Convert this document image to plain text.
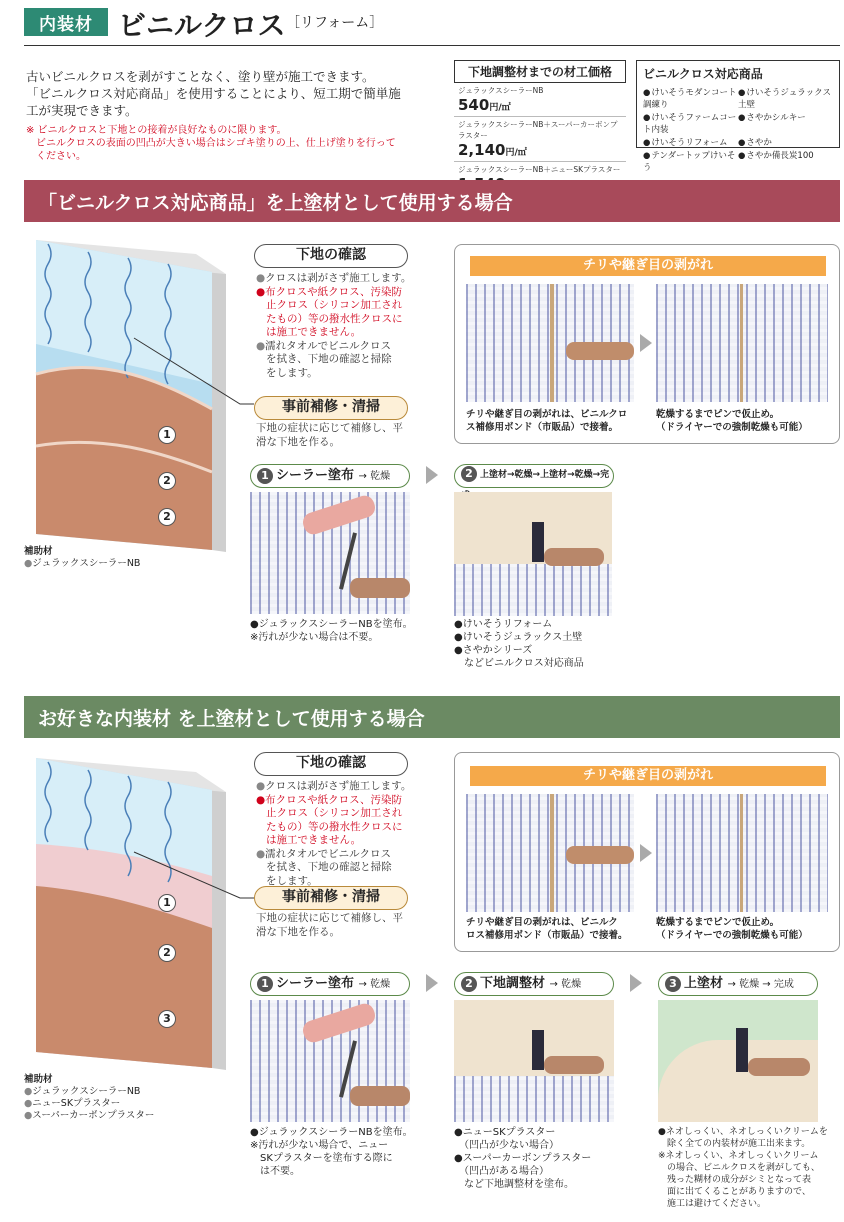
内装材 ビニルクロス ［リフォーム］
古いビニルクロスを剥がすことなく、塗り壁が施工できます。
「ビニルクロス対応商品」を使用することにより、短工期で簡単施
工が実現できます。
※ ビニルクロスと下地との接着が良好なものに限ります。
　ビニルクロスの表面の凹凸が大きい場合はシゴキ塗りの上、仕上げ塗りを行って
　ください。
下地調整材までの材工価格
ジュラックスシーラーNB
540円/㎡
ジュラックスシーラーNB＋スーパーカーボンプラスター
2,140円/㎡
ジュラックスシーラーNB＋ニューSKプラスター
ビニルクロス対応商品
● けいそうモダンコート調練り
● けいそうジュラックス土壁
● けいそうファームコート内装
● さやかシルキー
● けいそうリフォーム
●	さやか
● テンダートップけいそう
● さやか備長炭100
「ビニルクロス対応商品」を上塗材として使用する場合
1
2
2
補助材
● ジュラックスシーラーNB
下地の確認
● クロスは剥がさず施工します。
● 布クロスや紙クロス、汚染防
止クロス（シリコン加工され
たもの）等の撥水性クロスに
は施工できません。
● 濡れタオルでビニルクロス
を拭き、下地の確認と掃除
をします。
事前補修・清掃
下地の症状に応じて補修し、平
滑な下地を作る。
チリや継ぎ目の剥がれ
チリや継ぎ目の剥がれは、ビニルクロ
ス補修用ボンド（市販品）で接着。
乾燥するまでピンで仮止め。
（ドライヤーでの強制乾燥も可能）
1 シーラー塗布 → 乾燥	2 上塗材→乾燥→上塗材→乾燥→完
●ジュラックスシーラーNBを塗布。
※汚れが少ない場合は不要。
●けいそうリフォーム
●けいそうジュラックス土壁
●さやかシリーズ
　などビニルクロス対応商品
お好きな内装材 を上塗材として使用する場合
1
2
3
補助材
● ジュラックスシーラーNB
● ニューSKプラスター
● スーパーカーボンプラスター
下地の確認
● クロスは剥がさず施工します。
● 布クロスや紙クロス、汚染防
止クロス（シリコン加工され
たもの）等の撥水性クロスに
は施工できません。
● 濡れタオルでビニルクロス
を拭き、下地の確認と掃除
をします。
事前補修・清掃
下地の症状に応じて補修し、平
滑な下地を作る。
チリや継ぎ目の剥がれ
チリや継ぎ目の剥がれは、ビニルク
ロス補修用ボンド（市販品）で接着。
乾燥するまでピンで仮止め。
（ドライヤーでの強制乾燥も可能）
1 シーラー塗布 → 乾燥	2 下地調整材 → 乾燥	3 上塗材 → 乾燥 → 完成
●ジュラックスシーラーNBを塗布。
※汚れが少ない場合で、ニュー
　SKプラスターを塗布する際に
　は不要。
●ニューSKプラスター
　（凹凸が少ない場合）
●スーパーカーボンプラスター
　（凹凸がある場合）
　など下地調整材を塗布。
●ネオしっくい、ネオしっくいクリームを
　除く全ての内装材が施工出来ます。
※ネオしっくい、ネオしっくいクリーム
　の場合、ビニルクロスを剥がしても、
　残った糊材の成分がシミとなって表
　面に出てくることがありますので、
　施工は避けてください。
